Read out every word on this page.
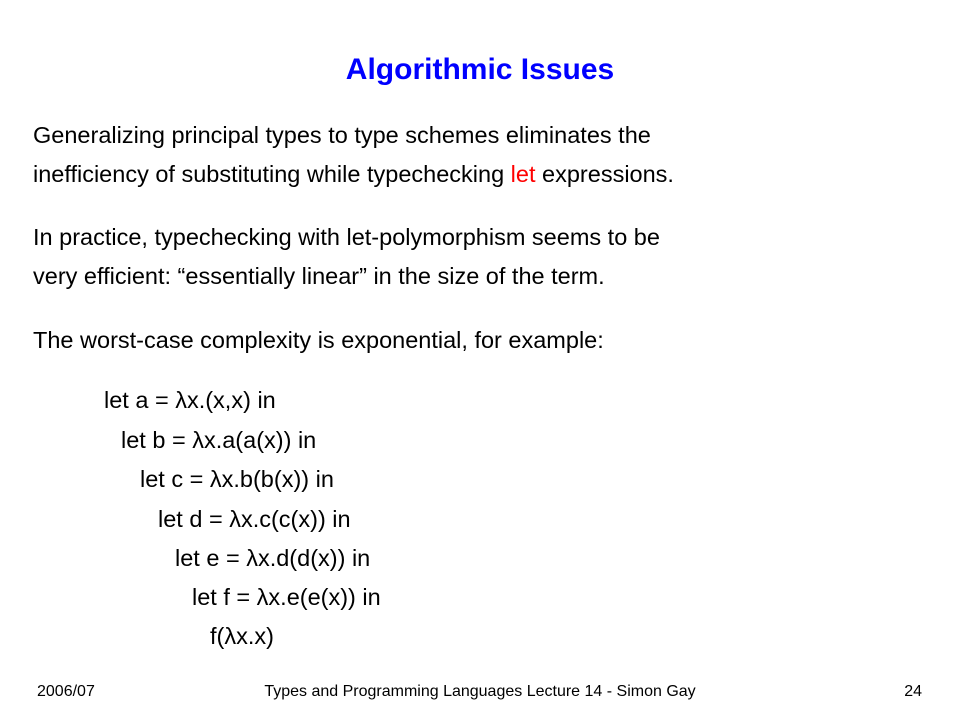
Algorithmic Issues

Generalizing principal types to type schemes eliminates the
inefficiency of substituting while typechecking let expressions.

In practice, typechecking with let-polymorphism seems to be
very efficient: “essentially linear” in the size of the term.

The worst-case complexity is exponential, for example:

let a = λx.(x,x) in

let b = λx.a(a(x)) in

let c = λx.b(b(x)) in

let d = λx.c(c(x)) in

let e = λx.d(d(x)) in

let f = λx.e(e(x)) in

f(λx.x)

2006/07	Types and Programming Languages Lecture 14 - Simon Gay	24
